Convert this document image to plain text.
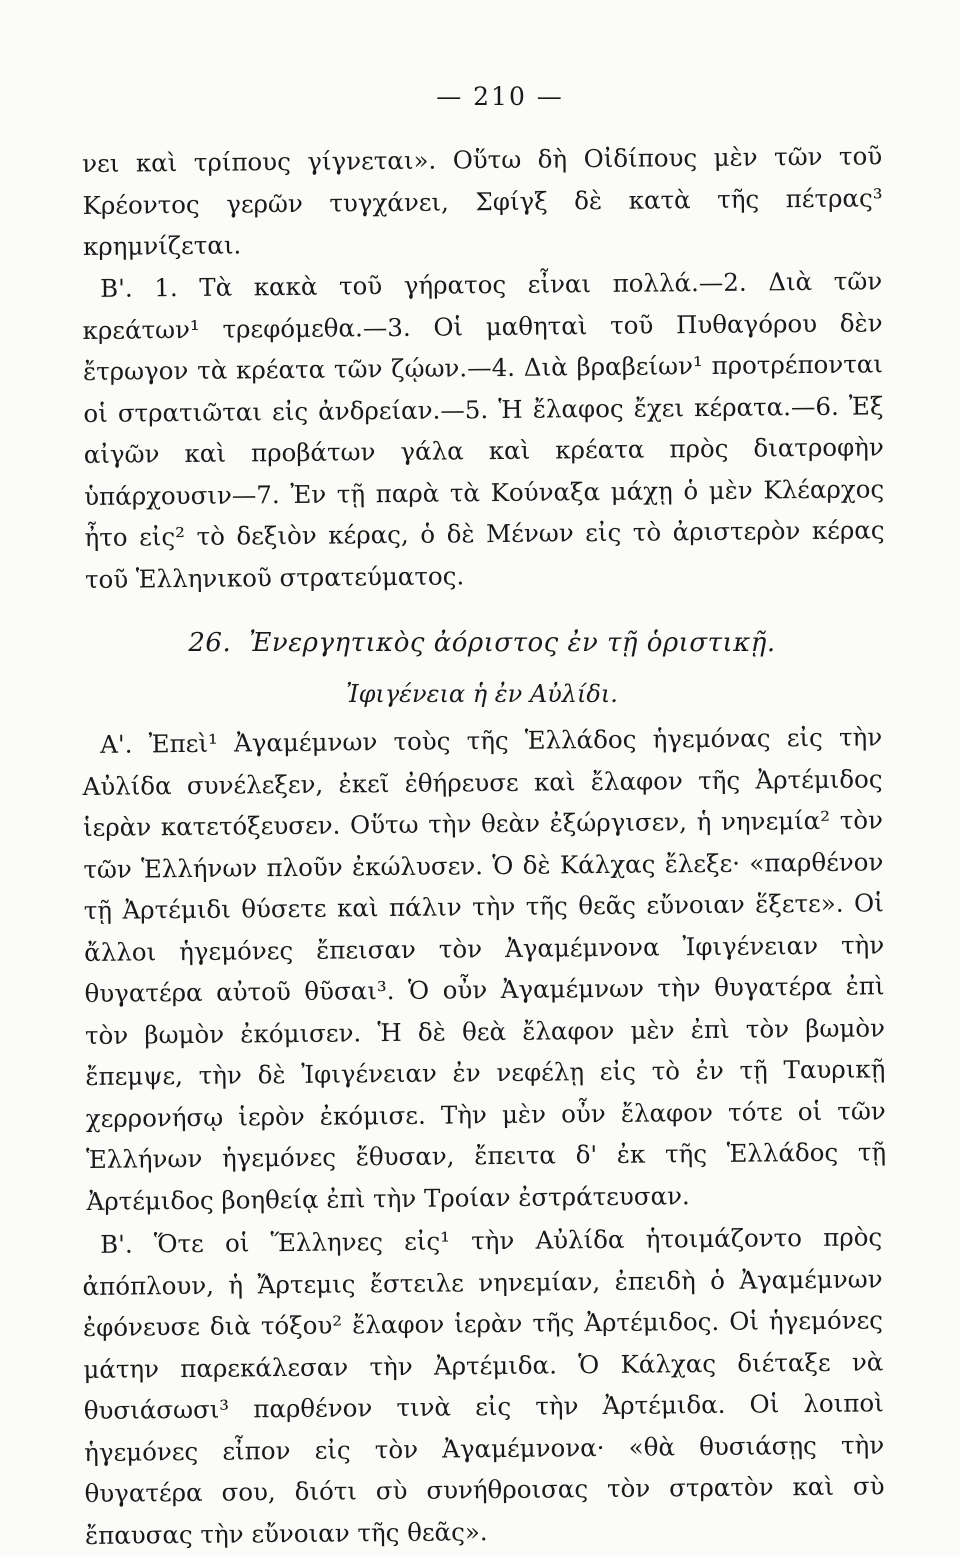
— 210 —

νει καὶ τρίπους γίγνεται». Οὕτω δὴ Οἰδίπους μὲν τῶν τοῦ Κρέοντος γερῶν τυγχάνει, Σφίγξ δὲ κατὰ τῆς πέτρας³ κρημνίζεται.

Β'. 1. Τὰ κακὰ τοῦ γήρατος εἶναι πολλά.—2. Διὰ τῶν κρεάτων¹ τρεφόμεθα.—3. Οἱ μαθηταὶ τοῦ Πυθαγόρου δὲν ἔτρωγον τὰ κρέατα τῶν ζῴων.—4. Διὰ βραβείων¹ προτρέπονται οἱ στρατιῶται εἰς ἀνδρείαν.—5. Ἡ ἔλαφος ἔχει κέρατα.—6. Ἐξ αἰγῶν καὶ προβάτων γάλα καὶ κρέατα πρὸς διατροφὴν ὑπάρχουσιν—7. Ἐν τῇ παρὰ τὰ Κούναξα μάχῃ ὁ μὲν Κλέαρχος ἦτο εἰς² τὸ δεξιὸν κέρας, ὁ δὲ Μένων εἰς τὸ ἀριστερὸν κέρας τοῦ Ἑλληνικοῦ στρατεύματος.

26. Ἐνεργητικὸς ἀόριστος ἐν τῇ ὁριστικῇ.
Ἰφιγένεια ἡ ἐν Αὐλίδι.

Α'. Ἐπεὶ¹ Ἀγαμέμνων τοὺς τῆς Ἑλλάδος ἡγεμόνας εἰς τὴν Αὐλίδα συνέλεξεν, ἐκεῖ ἐθήρευσε καὶ ἔλαφον τῆς Ἀρτέμιδος ἱερὰν κατετόξευσεν. Οὕτω τὴν θεὰν ἐξώργισεν, ἡ νηνεμία² τὸν τῶν Ἑλλήνων πλοῦν ἐκώλυσεν. Ὁ δὲ Κάλχας ἔλεξε· «παρθένον τῇ Ἀρτέμιδι θύσετε καὶ πάλιν τὴν τῆς θεᾶς εὔνοιαν ἕξετε». Οἱ ἄλλοι ἡγεμόνες ἔπεισαν τὸν Ἀγαμέμνονα Ἰφιγένειαν τὴν θυγατέρα αὐτοῦ θῦσαι³. Ὁ οὖν Ἀγαμέμνων τὴν θυγατέρα ἐπὶ τὸν βωμὸν ἐκόμισεν. Ἡ δὲ θεὰ ἔλαφον μὲν ἐπὶ τὸν βωμὸν ἔπεμψε, τὴν δὲ Ἰφιγένειαν ἐν νεφέλῃ εἰς τὸ ἐν τῇ Ταυρικῇ χερρονήσῳ ἱερὸν ἐκόμισε. Τὴν μὲν οὖν ἔλαφον τότε οἱ τῶν Ἑλλήνων ἡγεμόνες ἔθυσαν, ἔπειτα δ' ἐκ τῆς Ἑλλάδος τῇ Ἀρτέμιδος βοηθείᾳ ἐπὶ τὴν Τροίαν ἐστράτευσαν.

Β'. Ὅτε οἱ Ἕλληνες εἰς¹ τὴν Αὐλίδα ἡτοιμάζοντο πρὸς ἀπόπλουν, ἡ Ἄρτεμις ἔστειλε νηνεμίαν, ἐπειδὴ ὁ Ἀγαμέμνων ἐφόνευσε διὰ τόξου² ἔλαφον ἱερὰν τῆς Ἀρτέμιδος. Οἱ ἡγεμόνες μάτην παρεκάλεσαν τὴν Ἀρτέμιδα. Ὁ Κάλχας διέταξε νὰ θυσιάσωσι³ παρθένον τινὰ εἰς τὴν Ἀρτέμιδα. Οἱ λοιποὶ ἡγεμόνες εἶπον εἰς τὸν Ἀγαμέμνονα· «θὰ θυσιάσῃς τὴν θυγατέρα σου, διότι σὺ συνήθροισας τὸν στρατὸν καὶ σὺ ἔπαυσας τὴν εὔνοιαν τῆς θεᾶς».
